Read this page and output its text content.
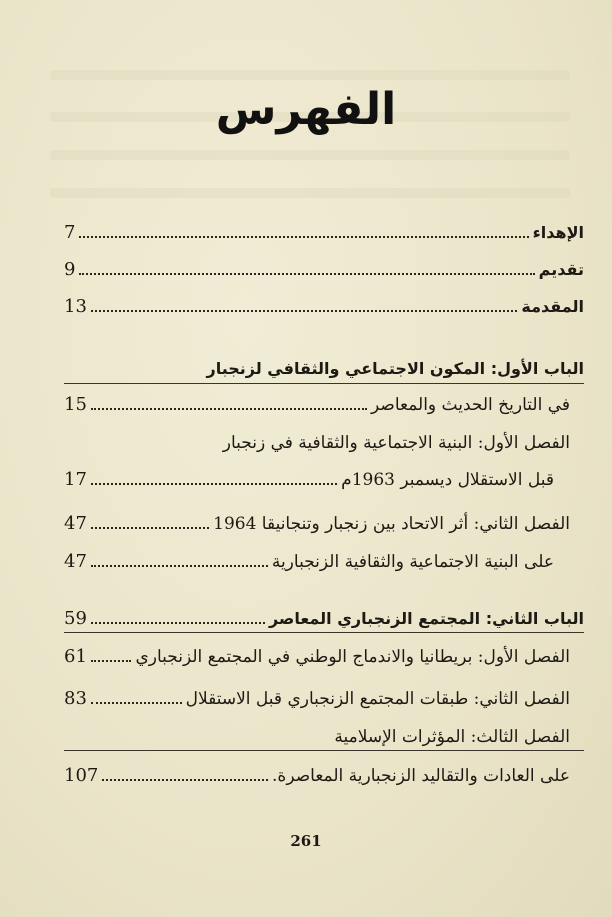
الفهرس
الإهداء
7
تقديم
9
المقدمة
13
الباب الأول: المكون الاجتماعي والثقافي لزنجبار
في التاريخ الحديث والمعاصر
15
الفصل الأول: البنية الاجتماعية والثقافية في زنجبار
قبل الاستقلال ديسمبر 1963م
17
الفصل الثاني: أثر الاتحاد بين زنجبار وتنجانيقا 1964
47
على البنية الاجتماعية والثقافية الزنجبارية
47
الباب الثاني: المجتمع الزنجباري المعاصر
59
الفصل الأول: بريطانيا والاندماج الوطني في المجتمع الزنجباري
61
الفصل الثاني: طبقات المجتمع الزنجباري قبل الاستقلال
83
الفصل الثالث: المؤثرات الإسلامية
على العادات والتقاليد الزنجبارية المعاصرة.
107
261
